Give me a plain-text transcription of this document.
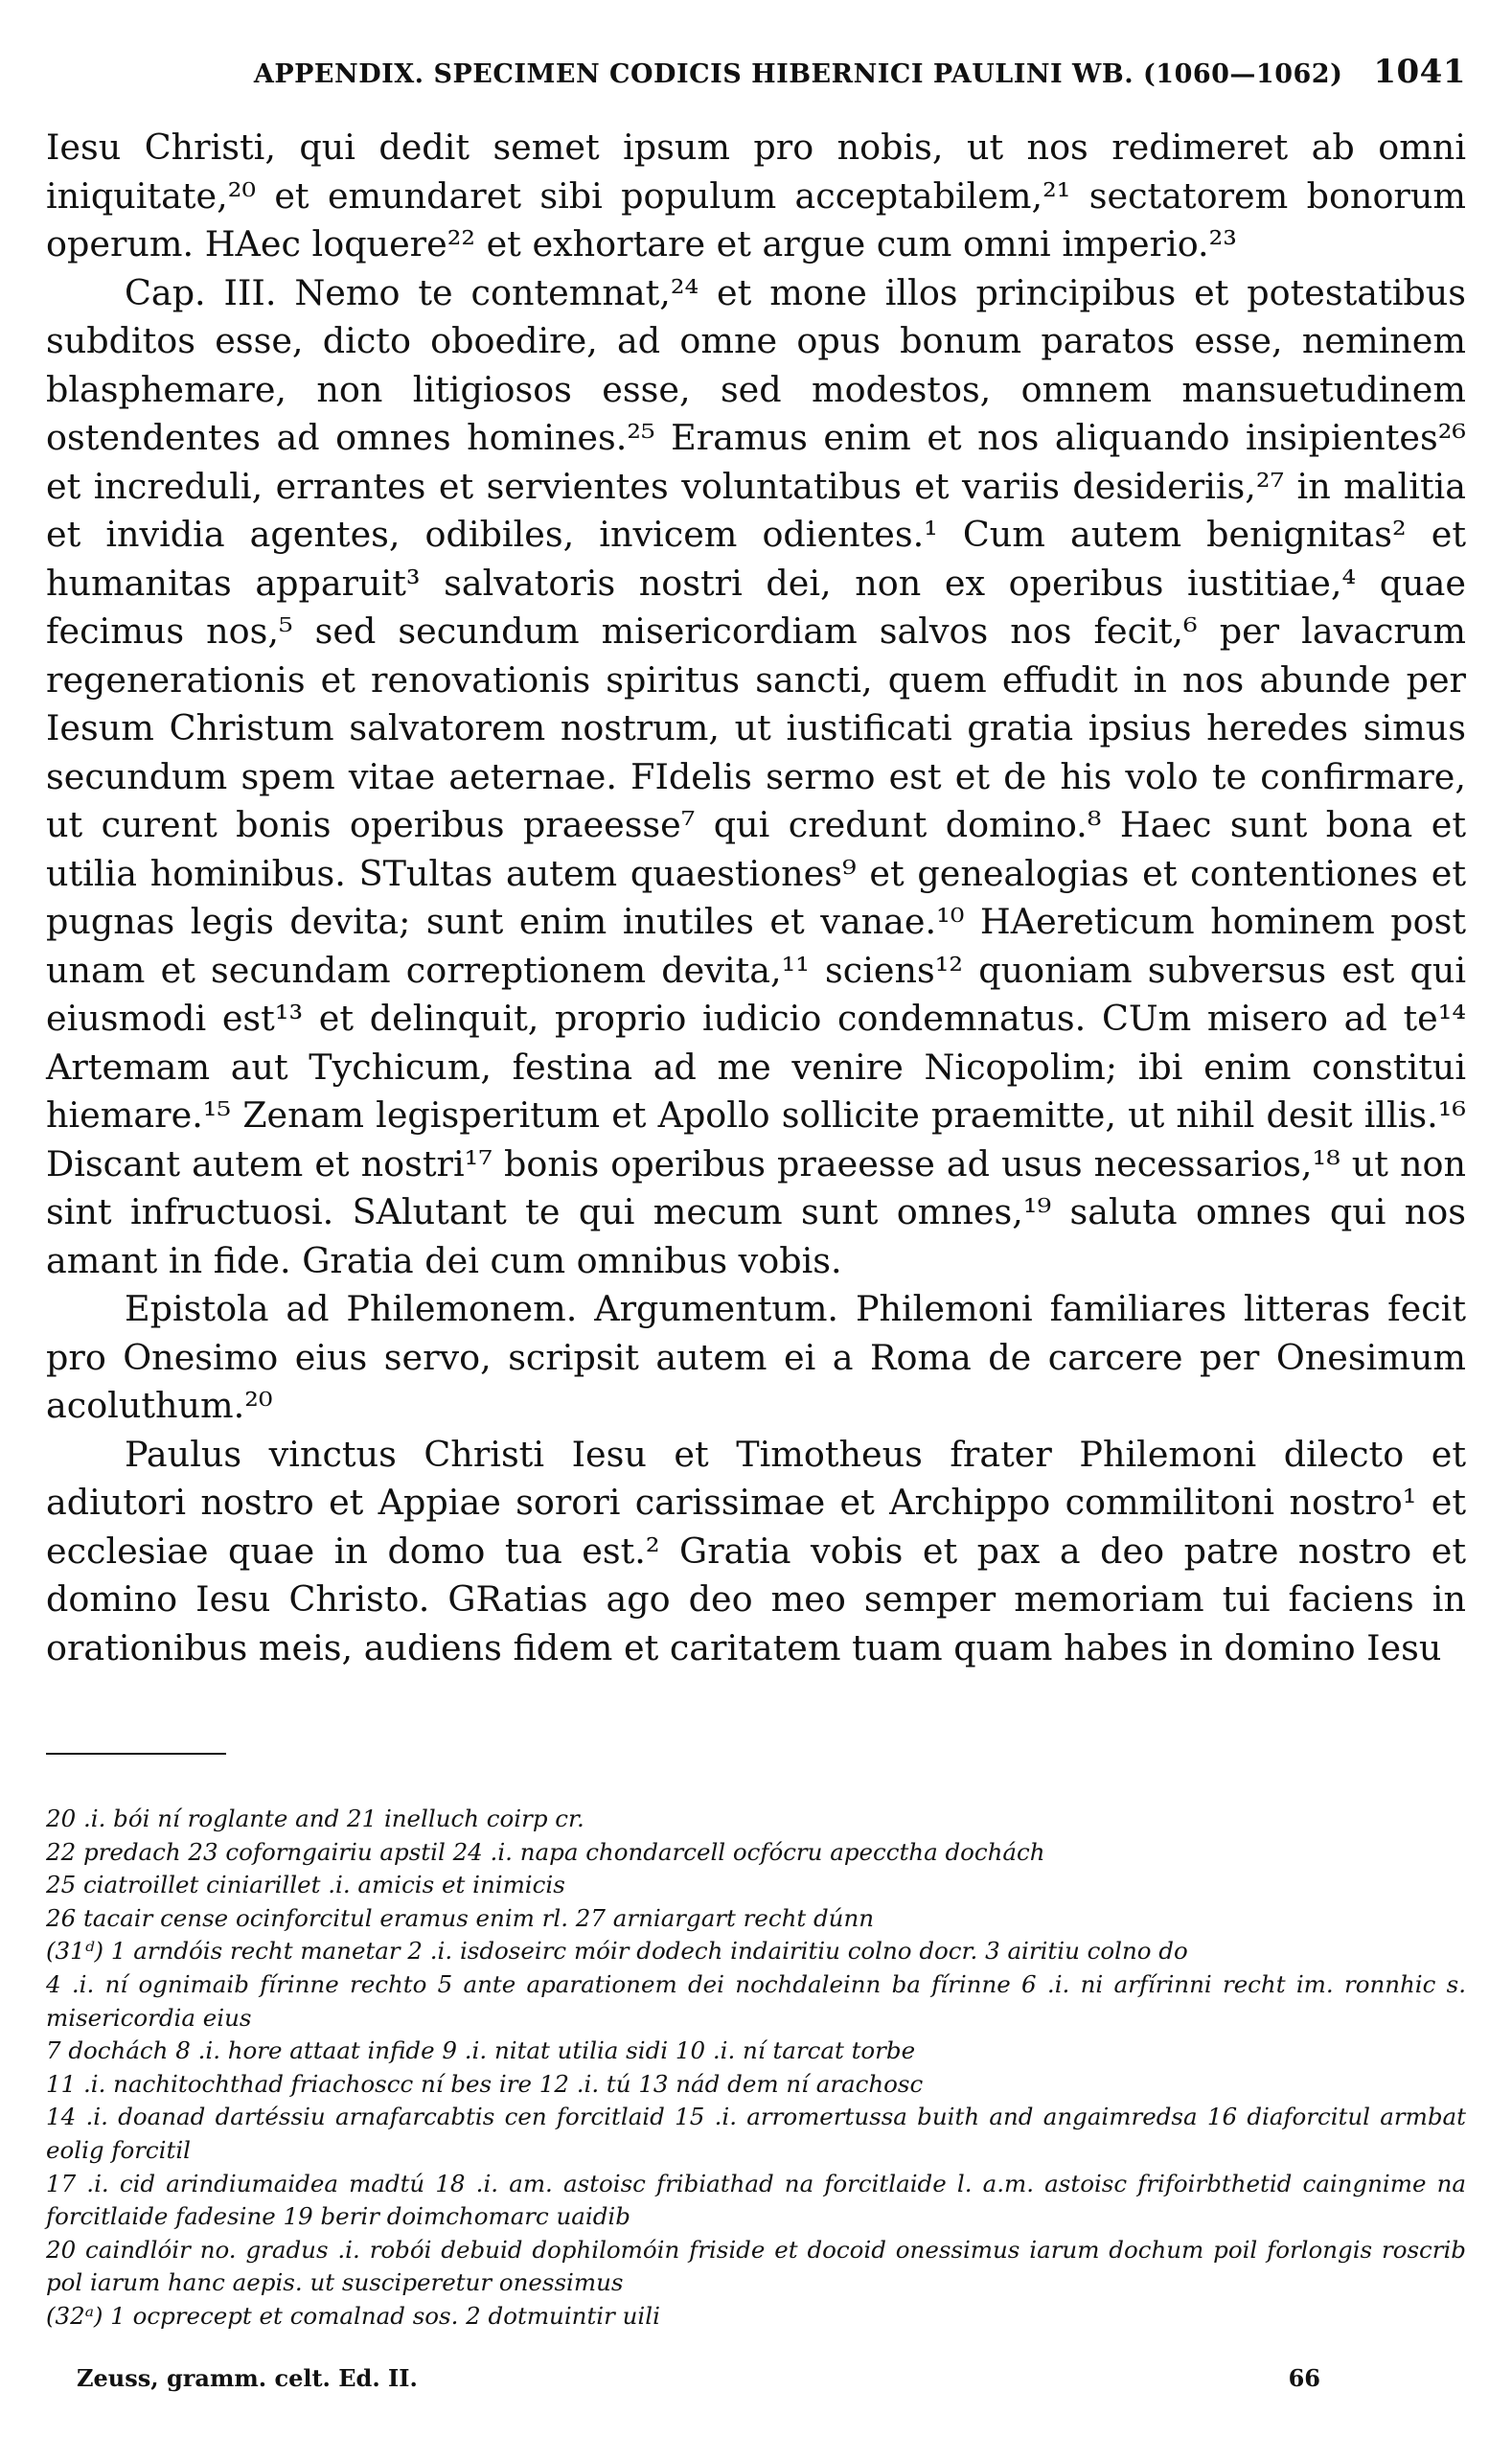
APPENDIX. SPECIMEN CODICIS HIBERNICI PAULINI WB. (1060—1062) 1041

Iesu Christi, qui dedit semet ipsum pro nobis, ut nos redimeret ab omni iniquitate,²⁰ et emundaret sibi populum acceptabilem,²¹ sectatorem bonorum operum. HAec loquere²² et exhortare et argue cum omni imperio.²³

Cap. III. Nemo te contemnat,²⁴ et mone illos principibus et potestatibus subditos esse, dicto oboedire, ad omne opus bonum paratos esse, neminem blasphemare, non litigiosos esse, sed modestos, omnem mansuetudinem ostendentes ad omnes homines.²⁵ Eramus enim et nos aliquando insipientes²⁶ et increduli, errantes et servientes voluntatibus et variis desideriis,²⁷ in malitia et invidia agentes, odibiles, invicem odientes.¹ Cum autem benignitas² et humanitas apparuit³ salvatoris nostri dei, non ex operibus iustitiae,⁴ quae fecimus nos,⁵ sed secundum misericordiam salvos nos fecit,⁶ per lavacrum regenerationis et renovationis spiritus sancti, quem effudit in nos abunde per Iesum Christum salvatorem nostrum, ut iustificati gratia ipsius heredes simus secundum spem vitae aeternae. FIdelis sermo est et de his volo te confirmare, ut curent bonis operibus praeesse⁷ qui credunt domino.⁸ Haec sunt bona et utilia hominibus. STultas autem quaestiones⁹ et genealogias et contentiones et pugnas legis devita; sunt enim inutiles et vanae.¹⁰ HAereticum hominem post unam et secundam correptionem devita,¹¹ sciens¹² quoniam subversus est qui eiusmodi est¹³ et delinquit, proprio iudicio condemnatus. CUm misero ad te¹⁴ Artemam aut Tychicum, festina ad me venire Nicopolim; ibi enim constitui hiemare.¹⁵ Zenam legisperitum et Apollo sollicite praemitte, ut nihil desit illis.¹⁶ Discant autem et nostri¹⁷ bonis operibus praeesse ad usus necessarios,¹⁸ ut non sint infructuosi. SAlutant te qui mecum sunt omnes,¹⁹ saluta omnes qui nos amant in fide. Gratia dei cum omnibus vobis.

Epistola ad Philemonem. Argumentum. Philemoni familiares litteras fecit pro Onesimo eius servo, scripsit autem ei a Roma de carcere per Onesimum acoluthum.²⁰

Paulus vinctus Christi Iesu et Timotheus frater Philemoni dilecto et adiutori nostro et Appiae sorori carissimae et Archippo commilitoni nostro¹ et ecclesiae quae in domo tua est.² Gratia vobis et pax a deo patre nostro et domino Iesu Christo. GRatias ago deo meo semper memoriam tui faciens in orationibus meis, audiens fidem et caritatem tuam quam habes in domino Iesu

20 .i. bói ní roglante and 21 inelluch coirp cr.

22 predach 23 coforngairiu apstil 24 .i. napa chondarcell ocfócru apecctha dochách

25 ciatroillet ciniarillet .i. amicis et inimicis

26 tacair cense ocinforcitul eramus enim rl. 27 arniargart recht dúnn

(31ᵈ) 1 arndóis recht manetar 2 .i. isdoseirc móir dodech indairitiu colno docr. 3 airitiu colno do

4 .i. ní ognimaib fírinne rechto 5 ante aparationem dei nochdaleinn ba fírinne 6 .i. ni arfírinni recht im. ronnhic s. misericordia eius

7 dochách 8 .i. hore attaat infide 9 .i. nitat utilia sidi 10 .i. ní tarcat torbe

11 .i. nachitochthad friachoscc ní bes ire 12 .i. tú 13 nád dem ní arachosc

14 .i. doanad dartéssiu arnafarcabtis cen forcitlaid 15 .i. arromertussa buith and angaimredsa 16 diaforcitul armbat eolig forcitil

17 .i. cid arindiumaidea madtú 18 .i. am. astoisc fribiathad na forcitlaide l. a.m. astoisc frifoirbthetid caingnime na forcitlaide fadesine 19 berir doimchomarc uaidib

20 caindlóir no. gradus .i. robói debuid dophilomóin friside et docoid onessimus iarum dochum poil forlongis roscrib pol iarum hanc aepis. ut susciperetur onessimus

(32ᵃ) 1 ocprecept et comalnad sos. 2 dotmuintir uili

Zeuss, gramm. celt. Ed. II.	66
